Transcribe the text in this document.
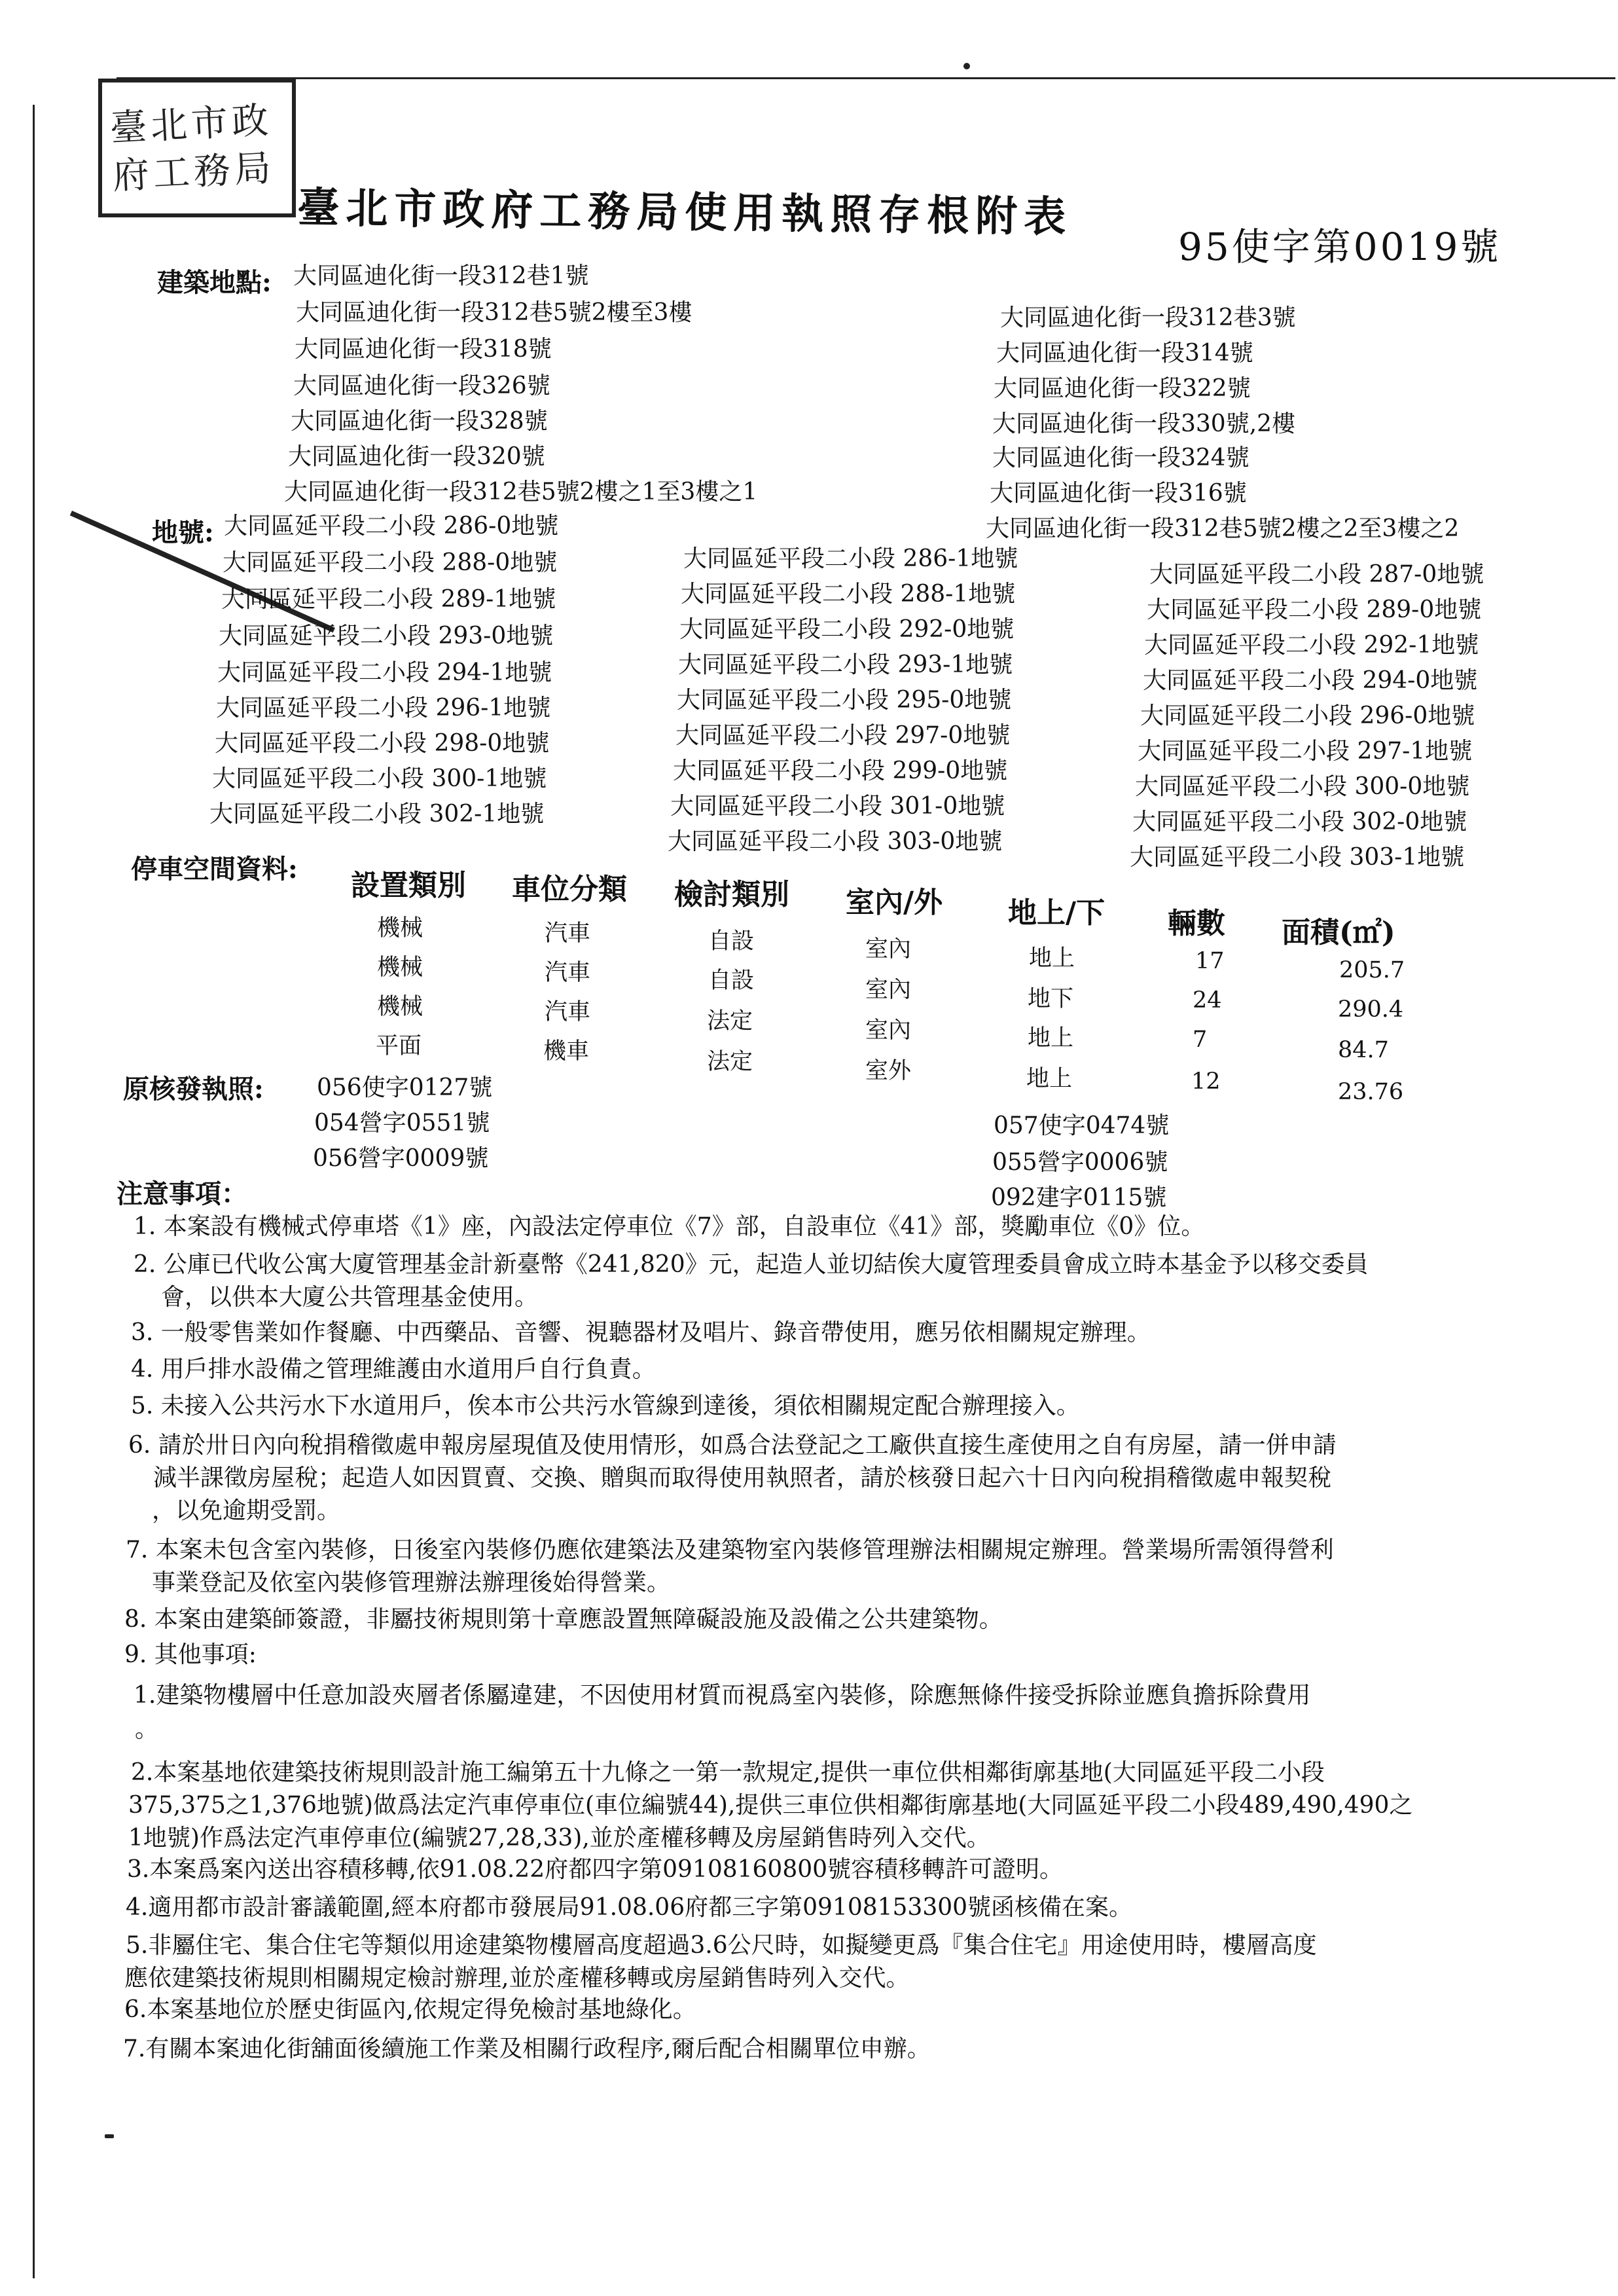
臺北市政府工務局
臺北市政府工務局使用執照存根附表
95使字第0019號
建築地點: 大同區迪化街一段312巷1號
大同區迪化街一段312巷5號2樓至3樓
大同區迪化街一段318號
大同區迪化街一段326號
大同區迪化街一段328號
大同區迪化街一段320號
大同區迪化街一段312巷5號2樓之1至3樓之1
大同區迪化街一段312巷3號
大同區迪化街一段314號
大同區迪化街一段322號
大同區迪化街一段330號,2樓
大同區迪化街一段324號
大同區迪化街一段316號
大同區迪化街一段312巷5號2樓之2至3樓之2
地號: 大同區延平段二小段 286-0地號
大同區延平段二小段 288-0地號
大同區延平段二小段 289-1地號
大同區延平段二小段 293-0地號
大同區延平段二小段 294-1地號
大同區延平段二小段 296-1地號
大同區延平段二小段 298-0地號
大同區延平段二小段 300-1地號
大同區延平段二小段 302-1地號
大同區延平段二小段 286-1地號
大同區延平段二小段 288-1地號
大同區延平段二小段 292-0地號
大同區延平段二小段 293-1地號
大同區延平段二小段 295-0地號
大同區延平段二小段 297-0地號
大同區延平段二小段 299-0地號
大同區延平段二小段 301-0地號
大同區延平段二小段 303-0地號
大同區延平段二小段 287-0地號
大同區延平段二小段 289-0地號
大同區延平段二小段 292-1地號
大同區延平段二小段 294-0地號
大同區延平段二小段 296-0地號
大同區延平段二小段 297-1地號
大同區延平段二小段 300-0地號
大同區延平段二小段 302-0地號
大同區延平段二小段 303-1地號
停車空間資料: 設置類別 車位分類 檢討類別 室內/外 地上/下 輛數 面積(㎡)
機械	汽車	自設	室內	地上	17	205.7
機械	汽車	自設	室內	地下	24	290.4
機械	汽車	法定	室內	地上	7	84.7
平面	機車	法定	室外	地上	12	23.76
原核發執照: 056使字0127號
054營字0551號
056營字0009號
057使字0474號
055營字0006號
092建字0115號
注意事項：
1. 本案設有機械式停車塔《1》座，內設法定停車位《7》部，自設車位《41》部，獎勵車位《0》位。
2. 公庫已代收公寓大廈管理基金計新臺幣《241,820》元，起造人並切結俟大廈管理委員會成立時本基金予以移交委員
會，以供本大廈公共管理基金使用。
3. 一般零售業如作餐廳、中西藥品、音響、視聽器材及唱片、錄音帶使用，應另依相關規定辦理。
4. 用戶排水設備之管理維護由水道用戶自行負責。
5. 未接入公共污水下水道用戶，俟本市公共污水管線到達後，須依相關規定配合辦理接入。
6. 請於卅日內向稅捐稽徵處申報房屋現值及使用情形，如爲合法登記之工廠供直接生產使用之自有房屋，請一併申請
減半課徵房屋稅；起造人如因買賣、交換、贈與而取得使用執照者，請於核發日起六十日內向稅捐稽徵處申報契稅
，以免逾期受罰。
7. 本案未包含室內裝修，日後室內裝修仍應依建築法及建築物室內裝修管理辦法相關規定辦理。營業場所需領得營利
事業登記及依室內裝修管理辦法辦理後始得營業。
8. 本案由建築師簽證，非屬技術規則第十章應設置無障礙設施及設備之公共建築物。
9. 其他事項:
1.建築物樓層中任意加設夾層者係屬違建，不因使用材質而視爲室內裝修，除應無條件接受拆除並應負擔拆除費用
。
2.本案基地依建築技術規則設計施工編第五十九條之一第一款規定,提供一車位供相鄰街廓基地(大同區延平段二小段
375,375之1,376地號)做爲法定汽車停車位(車位編號44),提供三車位供相鄰街廓基地(大同區延平段二小段489,490,490之
1地號)作爲法定汽車停車位(編號27,28,33),並於產權移轉及房屋銷售時列入交代。
3.本案爲案內送出容積移轉,依91.08.22府都四字第09108160800號容積移轉許可證明。
4.適用都市設計審議範圍,經本府都市發展局91.08.06府都三字第09108153300號函核備在案。
5.非屬住宅、集合住宅等類似用途建築物樓層高度超過3.6公尺時，如擬變更爲『集合住宅』用途使用時，樓層高度
應依建築技術規則相關規定檢討辦理,並於產權移轉或房屋銷售時列入交代。
6.本案基地位於歷史街區內,依規定得免檢討基地綠化。
7.有關本案迪化街舖面後續施工作業及相關行政程序,爾后配合相關單位申辦。
